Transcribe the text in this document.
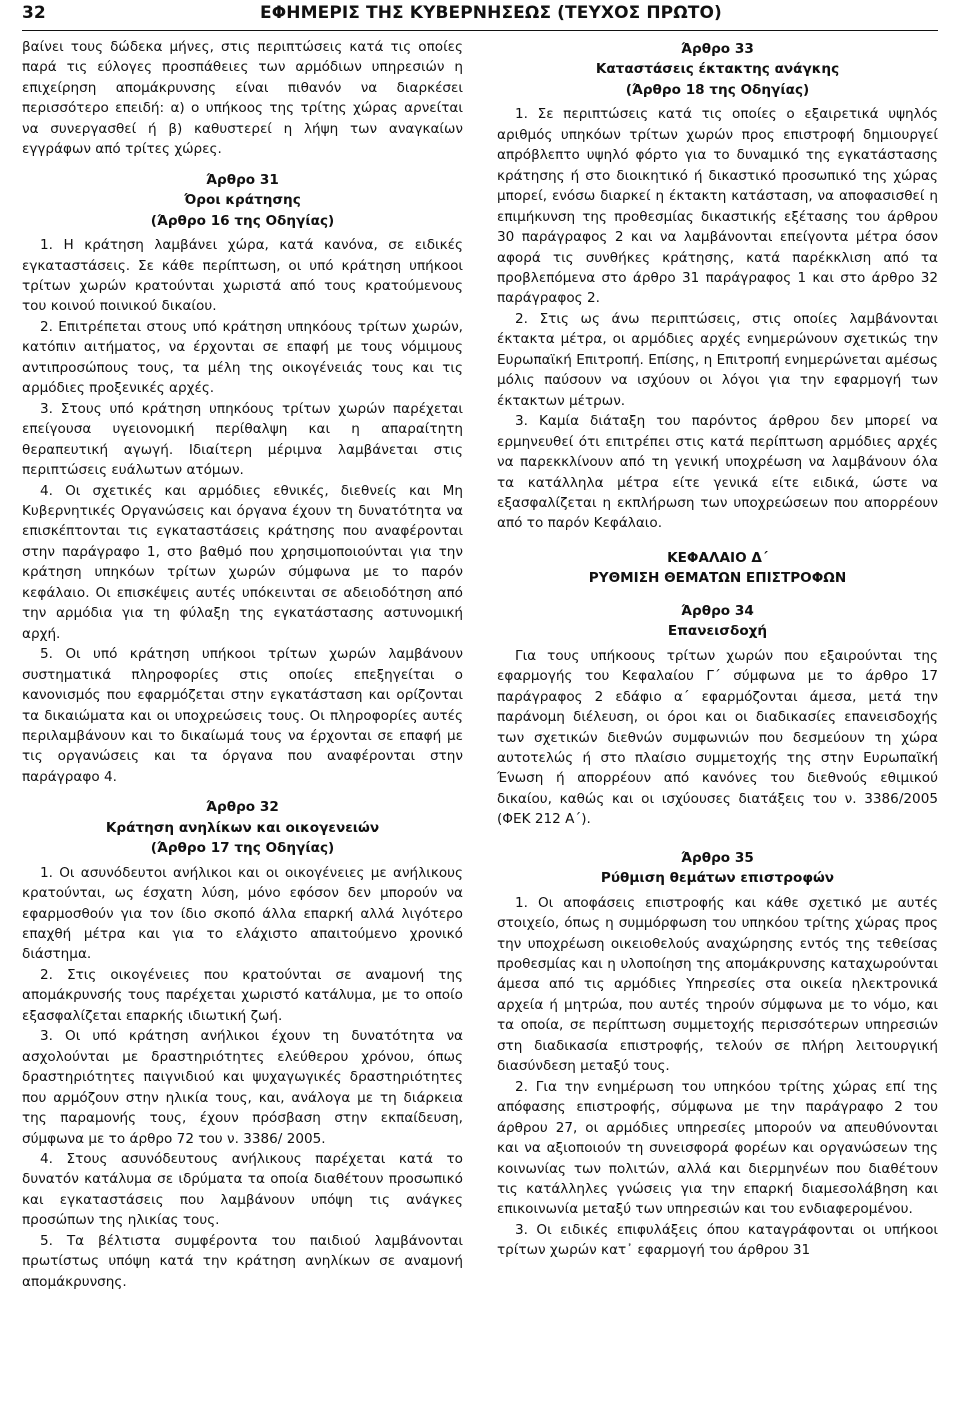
32	ΕΦΗΜΕΡΙΣ ΤΗΣ ΚΥΒΕΡΝΗΣΕΩΣ (ΤΕΥΧΟΣ ΠΡΩΤΟ)

βαίνει τους δώδεκα μήνες, στις περιπτώσεις κατά τις οποίες παρά τις εύλογες προσπάθειες των αρμόδιων υπηρεσιών η επιχείρηση απομάκρυνσης είναι πιθανόν να διαρκέσει περισσότερο επειδή: α) ο υπήκοος της τρίτης χώρας αρνείται να συνεργασθεί ή β) καθυστερεί η λήψη των αναγκαίων εγγράφων από τρίτες χώρες.

Άρθρο 31
Όροι κράτησης
(Άρθρο 16 της Οδηγίας)

1. Η κράτηση λαμβάνει χώρα, κατά κανόνα, σε ειδικές εγκαταστάσεις. Σε κάθε περίπτωση, οι υπό κράτηση υπήκοοι τρίτων χωρών κρατούνται χωριστά από τους κρατούμενους του κοινού ποινικού δικαίου.

2. Επιτρέπεται στους υπό κράτηση υπηκόους τρίτων χωρών, κατόπιν αιτήματος, να έρχονται σε επαφή με τους νόμιμους αντιπροσώπους τους, τα μέλη της οικογένειάς τους και τις αρμόδιες προξενικές αρχές.

3. Στους υπό κράτηση υπηκόους τρίτων χωρών παρέχεται επείγουσα υγειονομική περίθαλψη και η απαραίτητη θεραπευτική αγωγή. Ιδιαίτερη μέριμνα λαμβάνεται στις περιπτώσεις ευάλωτων ατόμων.

4. Οι σχετικές και αρμόδιες εθνικές, διεθνείς και Μη Κυβερνητικές Οργανώσεις και όργανα έχουν τη δυνατότητα να επισκέπτονται τις εγκαταστάσεις κράτησης που αναφέρονται στην παράγραφο 1, στο βαθμό που χρησιμοποιούνται για την κράτηση υπηκόων τρίτων χωρών σύμφωνα με το παρόν κεφάλαιο. Οι επισκέψεις αυτές υπόκεινται σε αδειοδότηση από την αρμόδια για τη φύλαξη της εγκατάστασης αστυνομική αρχή.

5. Οι υπό κράτηση υπήκοοι τρίτων χωρών λαμβάνουν συστηματικά πληροφορίες στις οποίες επεξηγείται ο κανονισμός που εφαρμόζεται στην εγκατάσταση και ορίζονται τα δικαιώματα και οι υποχρεώσεις τους. Οι πληροφορίες αυτές περιλαμβάνουν και το δικαίωμά τους να έρχονται σε επαφή με τις οργανώσεις και τα όργανα που αναφέρονται στην παράγραφο 4.

Άρθρο 32
Κράτηση ανηλίκων και οικογενειών
(Άρθρο 17 της Οδηγίας)

1. Οι ασυνόδευτοι ανήλικοι και οι οικογένειες με ανήλικους κρατούνται, ως έσχατη λύση, μόνο εφόσον δεν μπορούν να εφαρμοσθούν για τον ίδιο σκοπό άλλα επαρκή αλλά λιγότερο επαχθή μέτρα και για το ελάχιστο απαιτούμενο χρονικό διάστημα.

2. Στις οικογένειες που κρατούνται σε αναμονή της απομάκρυνσής τους παρέχεται χωριστό κατάλυμα, με το οποίο εξασφαλίζεται επαρκής ιδιωτική ζωή.

3. Οι υπό κράτηση ανήλικοι έχουν τη δυνατότητα να ασχολούνται με δραστηριότητες ελεύθερου χρόνου, όπως δραστηριότητες παιγνιδιού και ψυχαγωγικές δραστηριότητες που αρμόζουν στην ηλικία τους, και, ανάλογα με τη διάρκεια της παραμονής τους, έχουν πρόσβαση στην εκπαίδευση, σύμφωνα με το άρθρο 72 του ν. 3386/ 2005.

4. Στους ασυνόδευτους ανήλικους παρέχεται κατά το δυνατόν κατάλυμα σε ιδρύματα τα οποία διαθέτουν προσωπικό και εγκαταστάσεις που λαμβάνουν υπόψη τις ανάγκες προσώπων της ηλικίας τους.

5. Τα βέλτιστα συμφέροντα του παιδιού λαμβάνονται πρωτίστως υπόψη κατά την κράτηση ανηλίκων σε αναμονή απομάκρυνσης.

Άρθρο 33
Καταστάσεις έκτακτης ανάγκης
(Άρθρο 18 της Οδηγίας)

1. Σε περιπτώσεις κατά τις οποίες ο εξαιρετικά υψηλός αριθμός υπηκόων τρίτων χωρών προς επιστροφή δημιουργεί απρόβλεπτο υψηλό φόρτο για το δυναμικό της εγκατάστασης κράτησης ή στο διοικητικό ή δικαστικό προσωπικό της χώρας μπορεί, ενόσω διαρκεί η έκτακτη κατάσταση, να αποφασισθεί η επιμήκυνση της προθεσμίας δικαστικής εξέτασης του άρθρου 30 παράγραφος 2 και να λαμβάνονται επείγοντα μέτρα όσον αφορά τις συνθήκες κράτησης, κατά παρέκκλιση από τα προβλεπόμενα στο άρθρο 31 παράγραφος 1 και στο άρθρο 32 παράγραφος 2.

2. Στις ως άνω περιπτώσεις, στις οποίες λαμβάνονται έκτακτα μέτρα, οι αρμόδιες αρχές ενημερώνουν σχετικώς την Ευρωπαϊκή Επιτροπή. Επίσης, η Επιτροπή ενημερώνεται αμέσως μόλις παύσουν να ισχύουν οι λόγοι για την εφαρμογή των έκτακτων μέτρων.

3. Καμία διάταξη του παρόντος άρθρου δεν μπορεί να ερμηνευθεί ότι επιτρέπει στις κατά περίπτωση αρμόδιες αρχές να παρεκκλίνουν από τη γενική υποχρέωση να λαμβάνουν όλα τα κατάλληλα μέτρα είτε γενικά είτε ειδικά, ώστε να εξασφαλίζεται η εκπλήρωση των υποχρεώσεων που απορρέουν από το παρόν Κεφάλαιο.

ΚΕΦΑΛΑΙΟ Δ΄
ΡΥΘΜΙΣΗ ΘΕΜΑΤΩΝ ΕΠΙΣΤΡΟΦΩΝ
Άρθρο 34
Επανεισδοχή

Για τους υπήκοους τρίτων χωρών που εξαιρούνται της εφαρμογής του Κεφαλαίου Γ΄ σύμφωνα με το άρθρο 17 παράγραφος 2 εδάφιο α΄ εφαρμόζονται άμεσα, μετά την παράνομη διέλευση, οι όροι και οι διαδικασίες επανεισδοχής των σχετικών διεθνών συμφωνιών που δεσμεύουν τη χώρα αυτοτελώς ή στο πλαίσιο συμμετοχής της στην Ευρωπαϊκή Ένωση ή απορρέουν από κανόνες του διεθνούς εθιμικού δικαίου, καθώς και οι ισχύουσες διατάξεις του ν. 3386/2005 (ΦΕΚ 212 Α΄).

Άρθρο 35
Ρύθμιση θεμάτων επιστροφών

1. Οι αποφάσεις επιστροφής και κάθε σχετικό με αυτές στοιχείο, όπως η συμμόρφωση του υπηκόου τρίτης χώρας προς την υποχρέωση οικειοθελούς αναχώρησης εντός της τεθείσας προθεσμίας και η υλοποίηση της απομάκρυνσης καταχωρούνται άμεσα από τις αρμόδιες Υπηρεσίες στα οικεία ηλεκτρονικά αρχεία ή μητρώα, που αυτές τηρούν σύμφωνα με το νόμο, και τα οποία, σε περίπτωση συμμετοχής περισσότερων υπηρεσιών στη διαδικασία επιστροφής, τελούν σε πλήρη λειτουργική διασύνδεση μεταξύ τους.

2. Για την ενημέρωση του υπηκόου τρίτης χώρας επί της απόφασης επιστροφής, σύμφωνα με την παράγραφο 2 του άρθρου 27, οι αρμόδιες υπηρεσίες μπορούν να απευθύνονται και να αξιοποιούν τη συνεισφορά φορέων και οργανώσεων της κοινωνίας των πολιτών, αλλά και διερμηνέων που διαθέτουν τις κατάλληλες γνώσεις για την επαρκή διαμεσολάβηση και επικοινωνία μεταξύ των υπηρεσιών και του ενδιαφερομένου.

3. Οι ειδικές επιφυλάξεις όπου καταγράφονται οι υπήκοοι τρίτων χωρών κατ᾽ εφαρμογή του άρθρου 31
